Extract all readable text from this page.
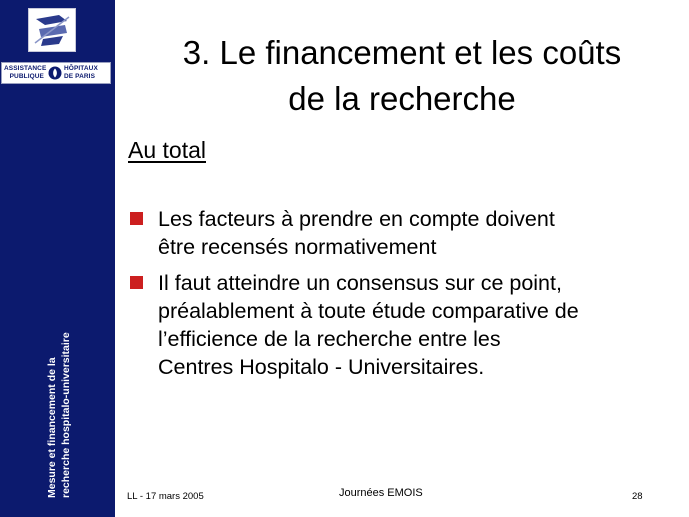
ASSISTANCE
PUBLIQUE
HÔPITAUX
DE PARIS
Mesure et financement de la recherche hospitalo-universitaire
3. Le financement et les coûts
de la recherche
Au total
Les facteurs à prendre en compte doivent
être recensés normativement
Il faut atteindre un consensus sur ce point,
préalablement à toute étude comparative de
l’efficience de la recherche entre les
Centres Hospitalo - Universitaires.
LL - 17 mars 2005	Journées EMOIS	28
